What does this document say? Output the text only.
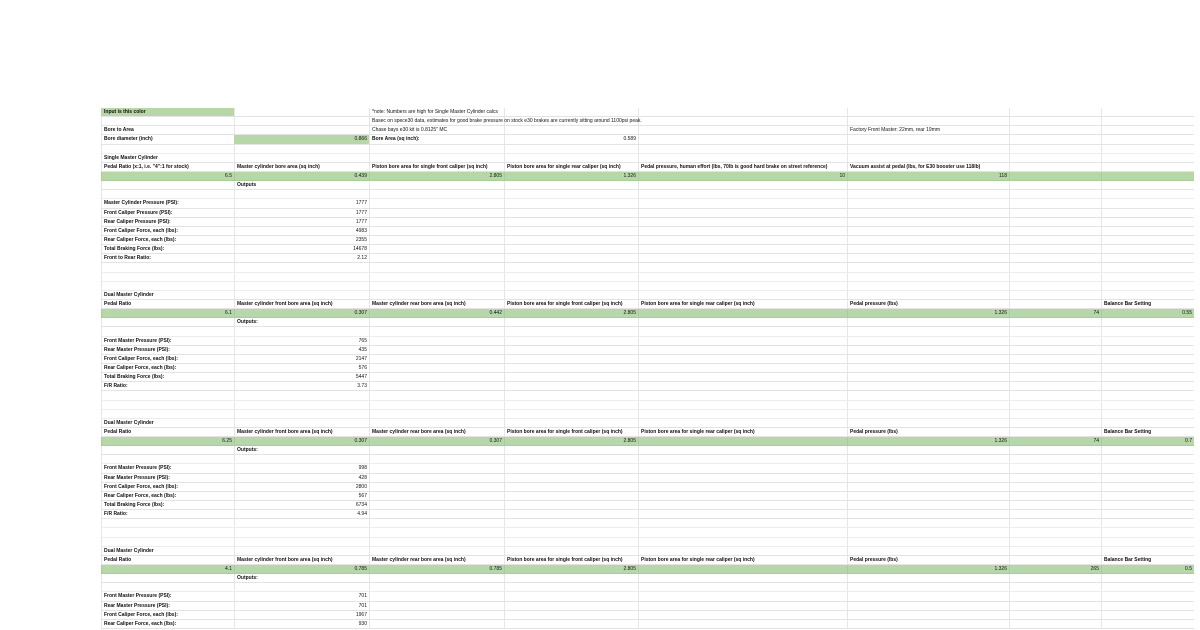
Input is this color	*note: Numbers are high for Single Master Cylinder calcs
Basec on spece30 data, estimates for good brake pressure on stock e30 brakes are currently sitting around 1100psi peak.
Bore to Area	Chase bays e30 kit is 0.8125" MC	Factory Front Master: 22mm, rear 19mm
Bore diameter (inch)	0.866	Bore Area (sq inch):	0.589
Single Master Cylinder
Pedal Ratio (x:1, i.e. "4":1 for stock)	Master cylinder bore area (sq inch)	Piston bore area for single front caliper (sq inch)	Piston bore area for single rear caliper (sq inch)	Pedal pressure, human effort (lbs, 70lb is good hard brake on street reference)	Vacuum assist at pedal (lbs, for E30 booster use 118lb)
6.5	0.439	2.805	1.326	10	118
Outputs
Master Cylinder Pressure (PSI):	1777
Front Caliper Pressure (PSI):	1777
Rear Caliper Pressure (PSI):	1777
Front Caliper Force, each (lbs):	4983
Rear Caliper Force, each (lbs):	2355
Total Braking Force (lbs):	14678
Front to Rear Ratio:	2.12
Dual Master Cylinder
Pedal Ratio	Master cylinder front bore area (sq inch)	Master cylinder rear bore area (sq inch)	Piston bore area for single front caliper (sq inch)	Piston bore area for single rear caliper (sq inch)	Pedal pressure (lbs)	Balance Bar Setting
6.1	0.307	0.442	2.805	1.326	74	0.55
Outputs:
Front Master Pressure (PSI):	765
Rear Master Pressure (PSI):	435
Front Caliper Force, each (lbs):	2147
Rear Caliper Force, each (lbs):	576
Total Braking Force (lbs):	5447
F/R Ratio:	3.73
Dual Master Cylinder
Pedal Ratio	Master cylinder front bore area (sq inch)	Master cylinder rear bore area (sq inch)	Piston bore area for single front caliper (sq inch)	Piston bore area for single rear caliper (sq inch)	Pedal pressure (lbs)	Balance Bar Setting
6.25	0.307	0.307	2.805	1.326	74	0.7
Outputs:
Front Master Pressure (PSI):	998
Rear Master Pressure (PSI):	428
Front Caliper Force, each (lbs):	2800
Rear Caliper Force, each (lbs):	567
Total Braking Force (lbs):	6734
F/R Ratio:	4.94
Dual Master Cylinder
Pedal Ratio	Master cylinder front bore area (sq inch)	Master cylinder rear bore area (sq inch)	Piston bore area for single front caliper (sq inch)	Piston bore area for single rear caliper (sq inch)	Pedal pressure (lbs)	Balance Bar Setting
4.1	0.785	0.785	2.805	1.326	265	0.5
Outputs:
Front Master Pressure (PSI):	701
Rear Master Pressure (PSI):	701
Front Caliper Force, each (lbs):	1967
Rear Caliper Force, each (lbs):	930
